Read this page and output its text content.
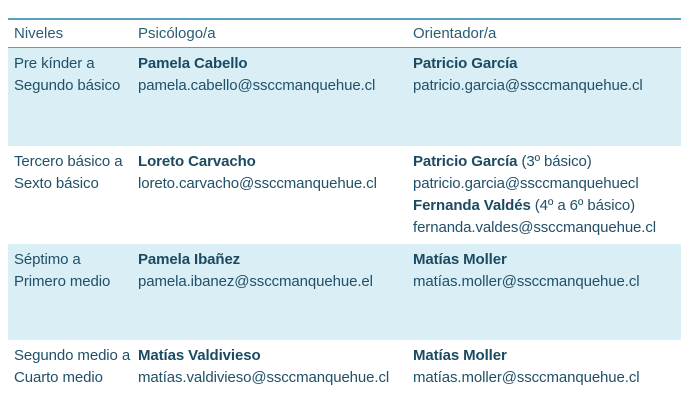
Niveles	Psicólogo/a	Orientador/a
Pre kínder a
Segundo básico
Pamela Cabello
pamela.cabello@ssccmanquehue.cl
Patricio García
patricio.garcia@ssccmanquehue.cl
Tercero básico a
Sexto básico
Loreto Carvacho
loreto.carvacho@ssccmanquehue.cl
Patricio García (3º básico)
patricio.garcia@ssccmanquehuecl
Fernanda Valdés (4º a 6º básico)
fernanda.valdes@ssccmanquehue.cl
Séptimo a
Primero medio
Pamela Ibañez
pamela.ibanez@ssccmanquehue.el
Matías Moller
matías.moller@ssccmanquehue.cl
Segundo medio a
Cuarto medio
Matías Valdivieso
matías.valdivieso@ssccmanquehue.cl
Matías Moller
matías.moller@ssccmanquehue.cl
